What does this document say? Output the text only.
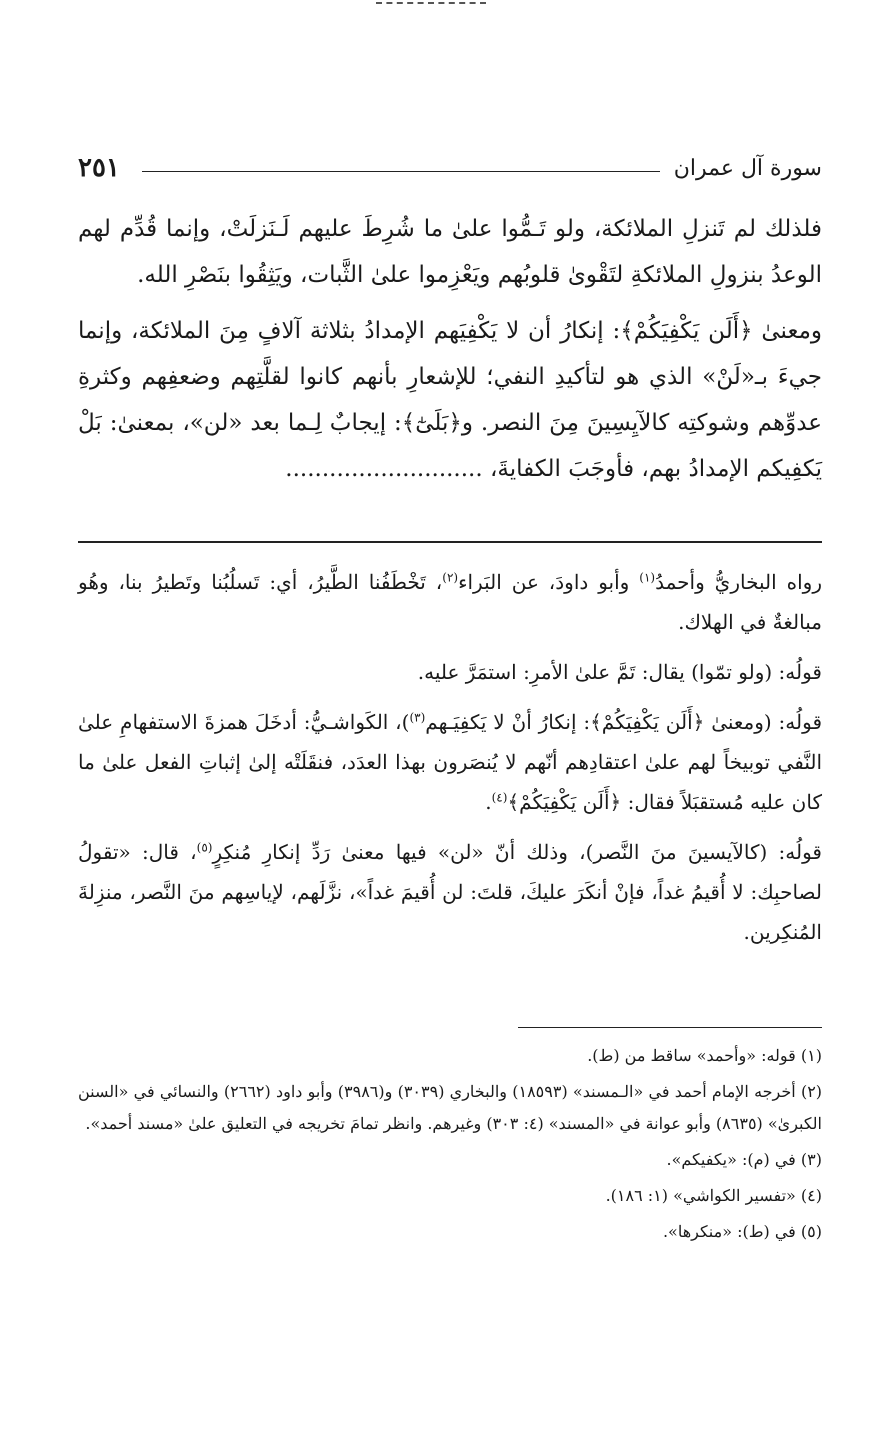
سورة آل عمران
٢٥١

فلذلك لم تَنزلِ الملائكة، ولو تَـمُّوا علىٰ ما شُرِطَ عليهم لَـنَزلَتْ، وإنما قُدِّم لهم الوعدُ بنزولِ الملائكةِ لتَقْوىٰ قلوبُهم ويَعْزِموا علىٰ الثَّبات، ويَثِقُوا بنَصْرِ الله.

ومعنىٰ ﴿أَلَن يَكْفِيَكُمْ﴾: إنكارُ أن لا يَكْفِيَهم الإمدادُ بثلاثة آلافٍ مِنَ الملائكة، وإنما جيءَ بـ«لَنْ» الذي هو لتأكيدِ النفي؛ للإشعارِ بأنهم كانوا لقلَّتِهم وضعفِهم وكثرةِ عدوِّهم وشوكتِه كالآيِسِينَ مِنَ النصر. و﴿بَلَىٰٓ﴾: إيجابٌ لِـما بعد «لن»، بمعنىٰ: بَلْ يَكفِيكم الإمدادُ بهم، فأوجَبَ الكفايةَ، ...........................

رواه البخاريُّ وأحمدُ$^{(١)}$ وأبو داودَ، عن البَراء$^{(٢)}$، تَخْطَفُنا الطَّيرُ، أي: تَسلُبُنا وتَطيرُ بنا، وهُو مبالغةٌ في الهلاك.

قولُه: (ولو تمّوا) يقال: تَمَّ علىٰ الأمرِ: استمَرَّ عليه.

قولُه: (ومعنىٰ ﴿أَلَن يَكْفِيَكُمْ﴾: إنكارُ أنْ لا يَكفِيَـهم$^{(٣)}$)، الكَواشـيُّ: أدخَلَ همزةَ الاستفهامِ علىٰ النَّفي توبيخاً لهم علىٰ اعتقادِهم أنّهم لا يُنصَرون بهذا العدَد، فنقَلَتْه إلىٰ إثباتِ الفعل علىٰ ما كان عليه مُستقبَلاً فقال: ﴿أَلَن يَكْفِيَكُمْ﴾$^{(٤)}$.

قولُه: (كالآيسينَ منَ النَّصر)، وذلك أنّ «لن» فيها معنىٰ رَدِّ إنكارِ مُنكِرٍ$^{(٥)}$، قال: «تقولُ لصاحبِك: لا أُقيمُ غداً، فإنْ أنكَرَ عليكَ، قلتَ: لن أُقيمَ غداً»، نزَّلَهم، لإياسِهم منَ النَّصر، منزِلةَ المُنكِرين.

(١) قوله: «وأحمد» ساقط من (ط).

(٢) أخرجه الإمام أحمد في «الـمسند» (١٨٥٩٣) والبخاري (٣٠٣٩) و(٣٩٨٦) وأبو داود (٢٦٦٢) والنسائي في «السنن الكبرىٰ» (٨٦٣٥) وأبو عوانة في «المسند» (٤: ٣٠٣) وغيرهم. وانظر تمامَ تخريجه في التعليق علىٰ «مسند أحمد».

(٣) في (م): «يكفيكم».

(٤) «تفسير الكواشي» (١: ١٨٦).

(٥) في (ط): «منكرها».
